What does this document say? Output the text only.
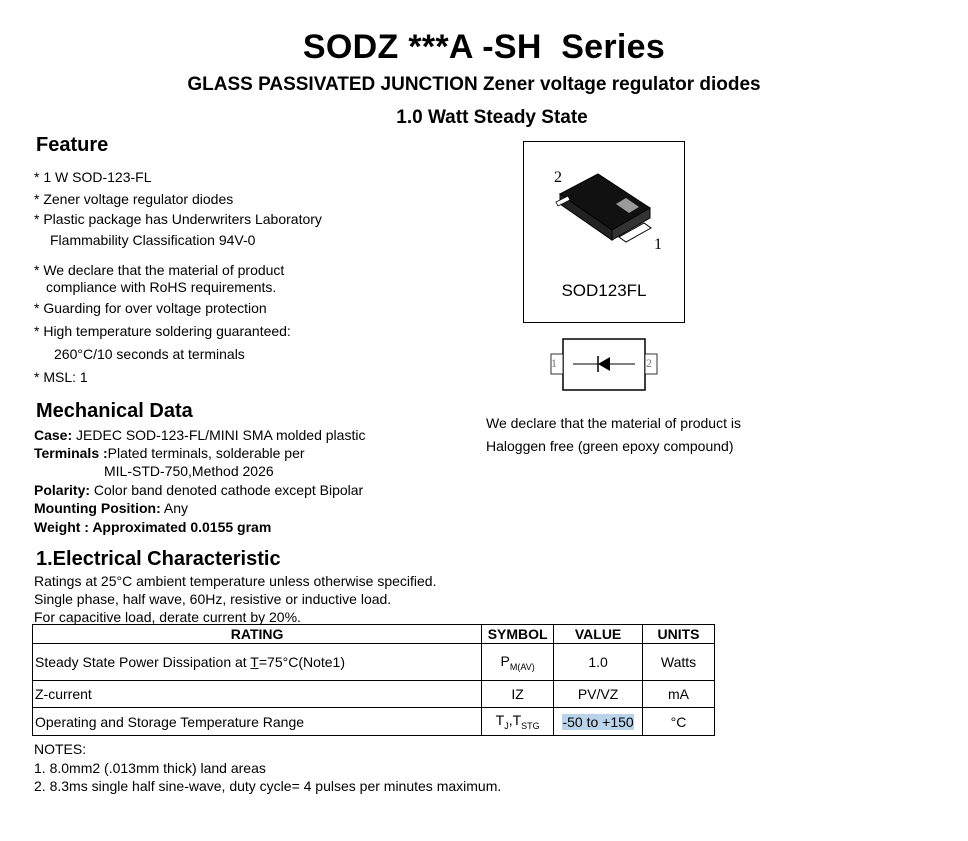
SODZ ***A -SH  Series
GLASS PASSIVATED JUNCTION Zener voltage regulator diodes
1.0 Watt Steady State
Feature
* 1 W SOD-123-FL
* Zener voltage regulator diodes
* Plastic package has Underwriters Laboratory
Flammability Classification 94V-0
* We declare that the material of product
compliance with RoHS requirements.
* Guarding for over voltage protection
* High temperature soldering guaranteed:
260°C/10 seconds at terminals
* MSL: 1
2
1
SOD123FL
1	2
We declare that the material of product is
Haloggen free (green epoxy compound)
Mechanical Data
Case: JEDEC SOD-123-FL/MINI SMA molded plastic
Terminals :Plated terminals, solderable per
MIL-STD-750,Method 2026
Polarity: Color band denoted cathode except Bipolar
Mounting Position: Any
Weight : Approximated 0.0155 gram
1.Electrical Characteristic
Ratings at 25°C ambient temperature unless otherwise specified.
Single phase, half wave, 60Hz, resistive or inductive load.
For capacitive load, derate current by 20%.
RATING	SYMBOL	VALUE	UNITS
Steady State Power Dissipation at T̲=75°C(Note1)	$P_{M(AV)}$	1.0	Watts
Z-current	IZ	PV/VZ	mA
Operating and Storage Temperature Range	$T_J,T_{STG}$	-50 to +150	°C
NOTES:
1. 8.0mm2 (.013mm thick) land areas
2. 8.3ms single half sine-wave, duty cycle= 4 pulses per minutes maximum.
